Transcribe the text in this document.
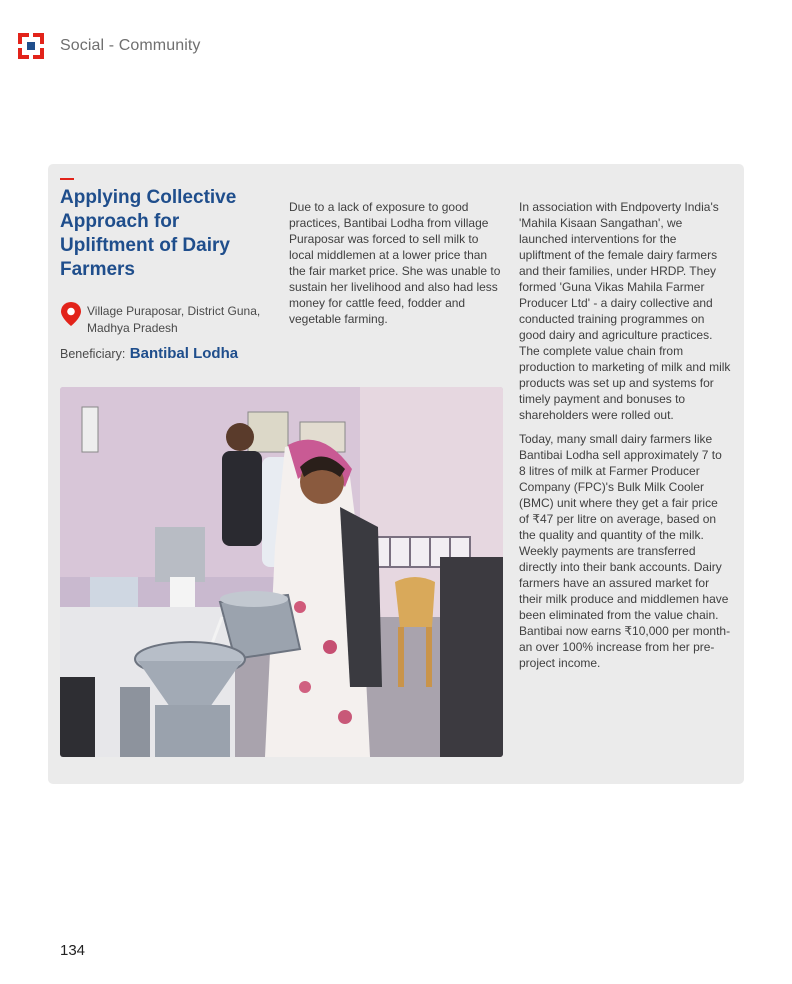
Social - Community
Applying Collective Approach for Upliftment of Dairy Farmers
Village Puraposar, District Guna, Madhya Pradesh
Beneficiary: Bantibal Lodha

Due to a lack of exposure to good practices, Bantibai Lodha from village Puraposar was forced to sell milk to local middlemen at a lower price than the fair market price. She was unable to sustain her livelihood and also had less money for cattle feed, fodder and vegetable farming.

In association with Endpoverty India's 'Mahila Kisaan Sangathan', we launched interventions for the upliftment of the female dairy farmers and their families, under HRDP. They formed 'Guna Vikas Mahila Farmer Producer Ltd' - a dairy collective and conducted training programmes on good dairy and agriculture practices. The complete value chain from production to marketing of milk and milk products was set up and systems for timely payment and bonuses to shareholders were rolled out.

Today, many small dairy farmers like Bantibai Lodha sell approximately 7 to 8 litres of milk at Farmer Producer Company (FPC)'s Bulk Milk Cooler (BMC) unit where they get a fair price of ₹47 per litre on average, based on the quality and quantity of the milk. Weekly payments are transferred directly into their bank accounts. Dairy farmers have an assured market for their milk produce and middlemen have been eliminated from the value chain. Bantibai now earns ₹10,000 per month- an over 100% increase from her pre-project income.

134
